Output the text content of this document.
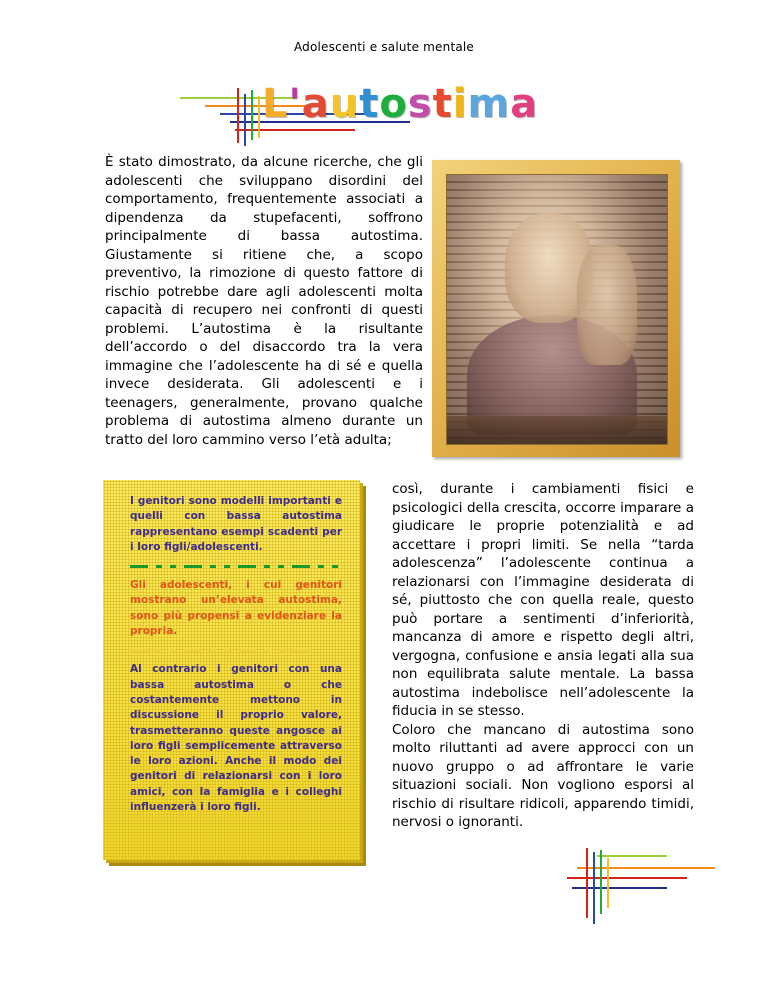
Adolescenti e salute mentale
L'autostima
È stato dimostrato, da alcune ricerche, che gli adolescenti che sviluppano disordini del comportamento, frequentemente associati a dipendenza da stupefacenti, soffrono principalmente di bassa autostima. Giustamente si ritiene che, a scopo preventivo, la rimozione di questo fattore di rischio potrebbe dare agli adolescenti molta capacità di recupero nei confronti di questi problemi. L’autostima è la risultante dell’accordo o del disaccordo tra la vera immagine che l’adolescente ha di sé e quella invece desiderata. Gli adolescenti e i teenagers, generalmente, provano qualche problema di autostima almeno durante un tratto del loro cammino verso l’età adulta;

I genitori sono modelli importanti e quelli con bassa autostima rappresentano esempi scadenti per i loro figli/adolescenti.

Gli adolescenti, i cui genitori mostrano un’elevata autostima, sono più propensi a evidenziare la propria.

Al contrario i genitori con una bassa autostima o che costantemente mettono in discussione il proprio valore, trasmetteranno queste angosce ai loro figli semplicemente attraverso le loro azioni. Anche il modo dei genitori di relazionarsi con i loro amici, con la famiglia e i colleghi influenzerà i loro figli.

così, durante i cambiamenti fisici e psicologici della crescita, occorre imparare a giudicare le proprie potenzialità e ad accettare i propri limiti. Se nella “tarda adolescenza” l’adolescente continua a relazionarsi con l’immagine desiderata di sé, piuttosto che con quella reale, questo può portare a sentimenti d’inferiorità, mancanza di amore e rispetto degli altri, vergogna, confusione e ansia legati alla sua non equilibrata salute mentale. La bassa autostima indebolisce nell’adolescente la fiducia in se stesso.

Coloro che mancano di autostima sono molto riluttanti ad avere approcci con un nuovo gruppo o ad affrontare le varie situazioni sociali. Non vogliono esporsi al rischio di risultare ridicoli, apparendo timidi, nervosi o ignoranti.
